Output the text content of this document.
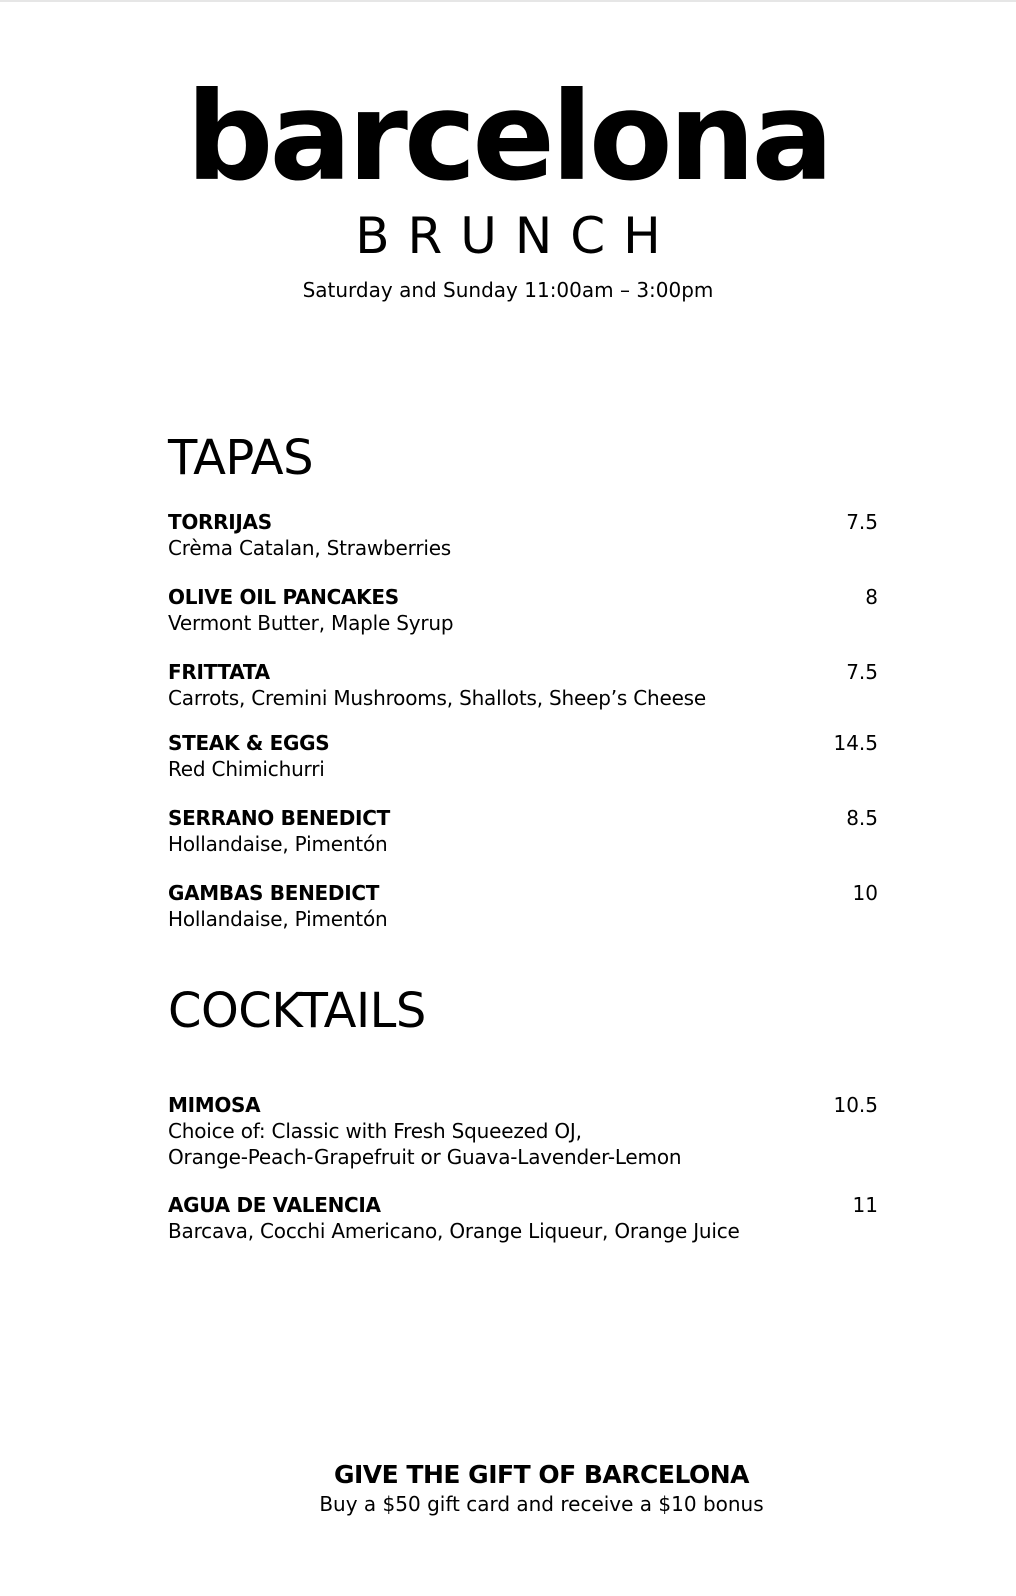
barcelona
BRUNCH
Saturday and Sunday 11:00am – 3:00pm
TAPAS
TORRIJAS
Crèma Catalan, Strawberries
7.5
OLIVE OIL PANCAKES
Vermont Butter, Maple Syrup
8
FRITTATA
Carrots, Cremini Mushrooms, Shallots, Sheep’s Cheese
7.5
STEAK & EGGS
Red Chimichurri
14.5
SERRANO BENEDICT
Hollandaise, Pimentón
8.5
GAMBAS BENEDICT
Hollandaise, Pimentón
10
COCKTAILS
MIMOSA
Choice of: Classic with Fresh Squeezed OJ,
Orange-Peach-Grapefruit or Guava-Lavender-Lemon
10.5
AGUA DE VALENCIA
Barcava, Cocchi Americano, Orange Liqueur, Orange Juice
11
GIVE THE GIFT OF BARCELONA
Buy a $50 gift card and receive a $10 bonus
